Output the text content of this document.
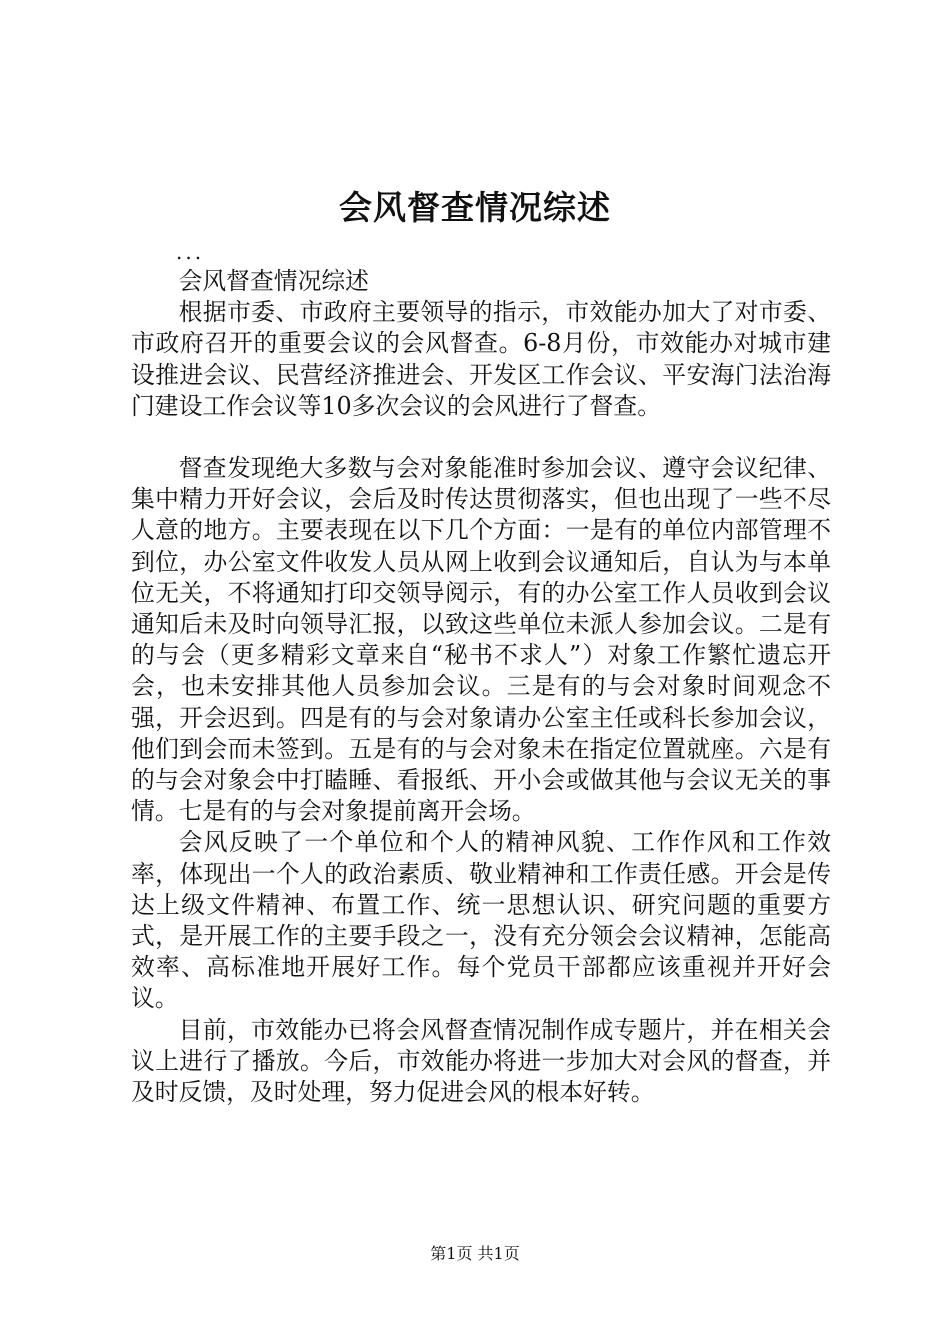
会风督查情况综述
...

会风督查情况综述

根据市委、市政府主要领导的指示，市效能办加大了对市委、市政府召开的重要会议的会风督查。6-8月份，市效能办对城市建设推进会议、民营经济推进会、开发区工作会议、平安海门法治海门建设工作会议等10多次会议的会风进行了督查。

督查发现绝大多数与会对象能准时参加会议、遵守会议纪律、集中精力开好会议，会后及时传达贯彻落实，但也出现了一些不尽人意的地方。主要表现在以下几个方面：一是有的单位内部管理不到位，办公室文件收发人员从网上收到会议通知后，自认为与本单位无关，不将通知打印交领导阅示，有的办公室工作人员收到会议通知后未及时向领导汇报，以致这些单位未派人参加会议。二是有的与会（更多精彩文章来自“秘书不求人”）对象工作繁忙遗忘开会，也未安排其他人员参加会议。三是有的与会对象时间观念不强，开会迟到。四是有的与会对象请办公室主任或科长参加会议，他们到会而未签到。五是有的与会对象未在指定位置就座。六是有的与会对象会中打瞌睡、看报纸、开小会或做其他与会议无关的事情。七是有的与会对象提前离开会场。

会风反映了一个单位和个人的精神风貌、工作作风和工作效率，体现出一个人的政治素质、敬业精神和工作责任感。开会是传达上级文件精神、布置工作、统一思想认识、研究问题的重要方式，是开展工作的主要手段之一，没有充分领会会议精神，怎能高效率、高标准地开展好工作。每个党员干部都应该重视并开好会议。

目前，市效能办已将会风督查情况制作成专题片，并在相关会议上进行了播放。今后，市效能办将进一步加大对会风的督查，并及时反馈，及时处理，努力促进会风的根本好转。

第1页 共1页
